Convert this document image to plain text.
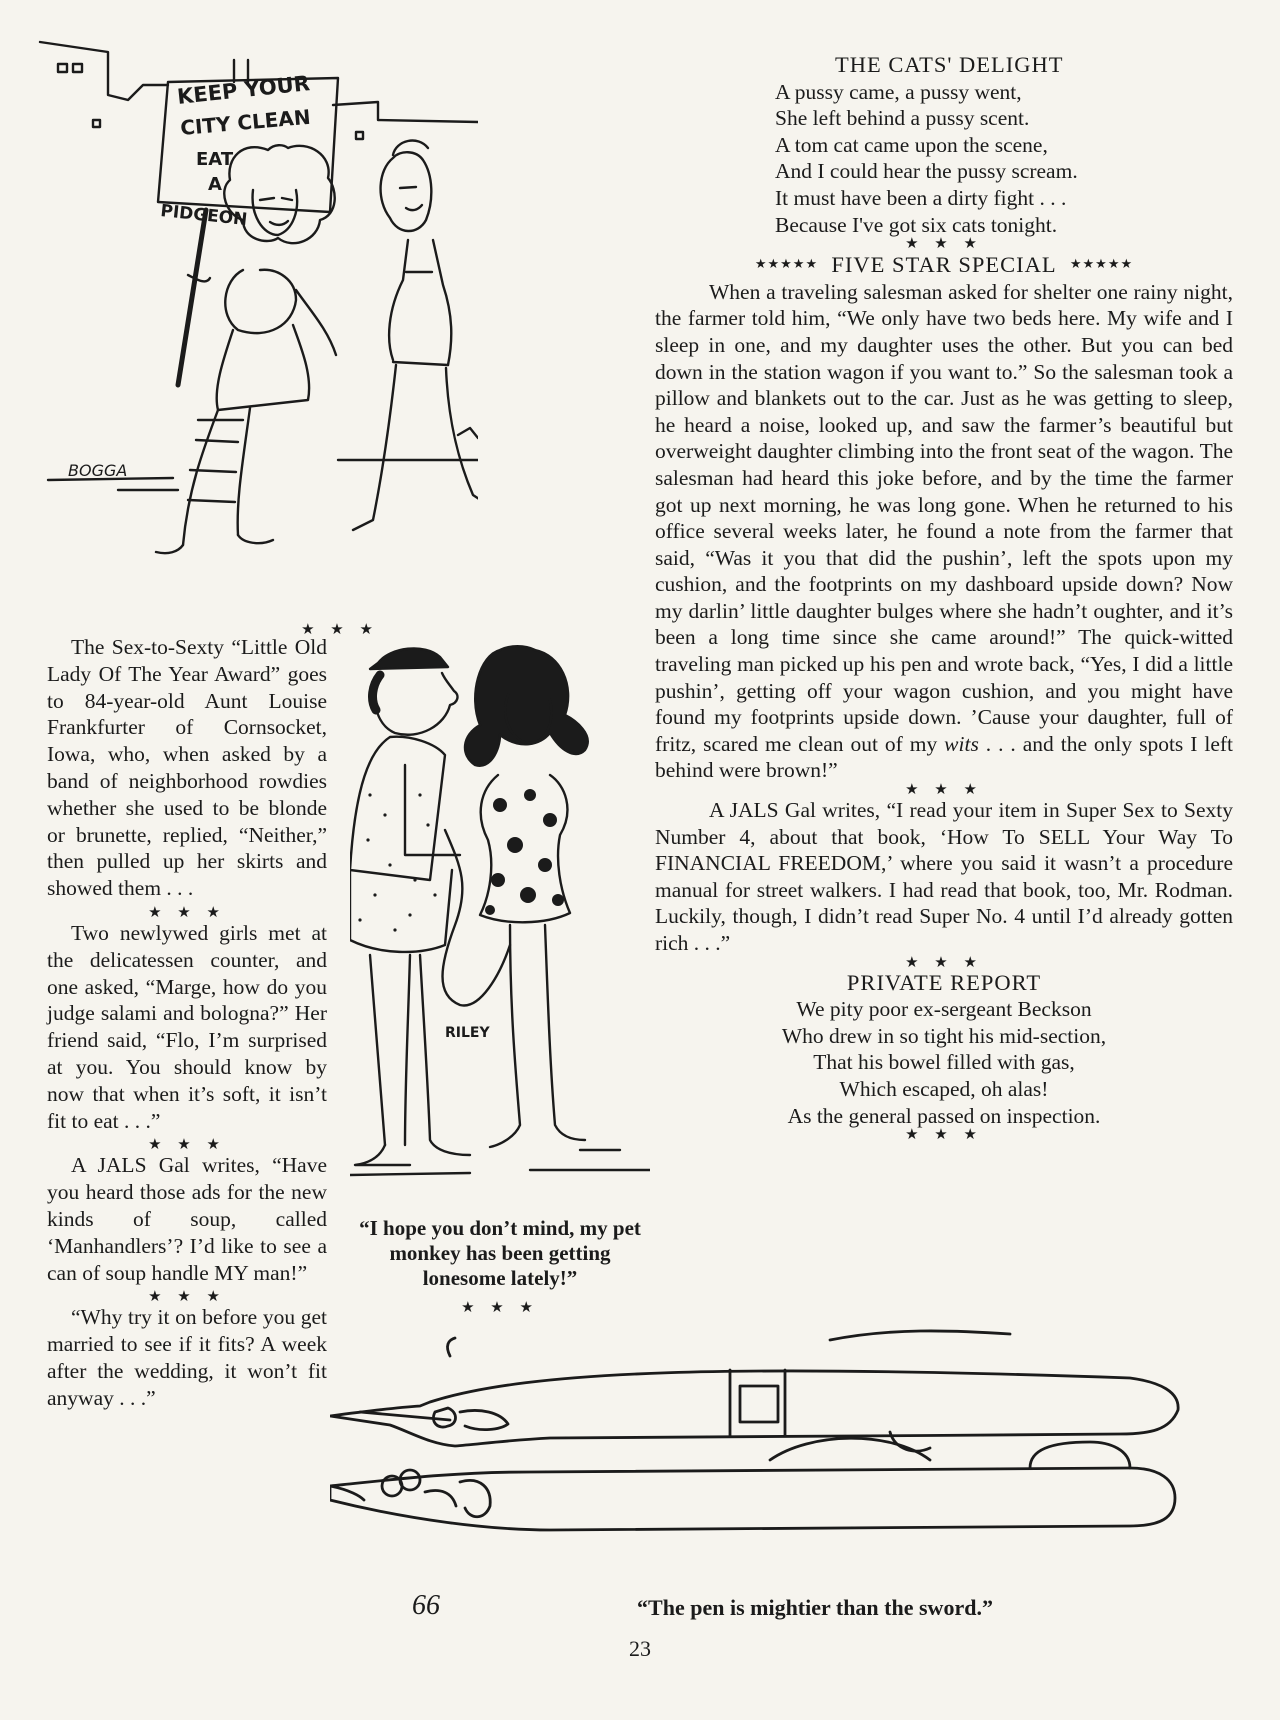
KEEP YOUR
CITY CLEAN
EAT
A
PIDGEON
BOGGA
THE CATS' DELIGHT
A pussy came, a pussy went,
She left behind a pussy scent.
A tom cat came upon the scene,
And I could hear the pussy scream.
It must have been a dirty fight . . .
Because I've got six cats tonight.
★ ★ ★
★★★★★ FIVE STAR SPECIAL ★★★★★

When a traveling salesman asked for shelter one rainy night, the farmer told him, “We only have two beds here. My wife and I sleep in one, and my daughter uses the other. But you can bed down in the station wagon if you want to.” So the salesman took a pillow and blankets out to the car. Just as he was getting to sleep, he heard a noise, looked up, and saw the farmer’s beautiful but overweight daughter climbing into the front seat of the wagon. The salesman had heard this joke before, and by the time the farmer got up next morning, he was long gone. When he returned to his office several weeks later, he found a note from the farmer that said, “Was it you that did the pushin’, left the spots upon my cushion, and the footprints on my dashboard upside down? Now my darlin’ little daughter bulges where she hadn’t oughter, and it’s been a long time since she came around!” The quick-witted traveling man picked up his pen and wrote back, “Yes, I did a little pushin’, getting off your wagon cushion, and you might have found my footprints upside down. ’Cause your daughter, full of fritz, scared me clean out of my wits . . . and the only spots I left behind were brown!”

★ ★ ★

A JALS Gal writes, “I read your item in Super Sex to Sexty Number 4, about that book, ‘How To SELL Your Way To FINANCIAL FREEDOM,’ where you said it wasn’t a procedure manual for street walkers. I had read that book, too, Mr. Rodman. Luckily, though, I didn’t read Super No. 4 until I’d already gotten rich . . .”

★ ★ ★
PRIVATE REPORT
We pity poor ex-sergeant Beckson
Who drew in so tight his mid-section,
That his bowel filled with gas,
Which escaped, oh alas!
As the general passed on inspection.
★ ★ ★
★ ★ ★

The Sex-to-Sexty “Little Old Lady Of The Year Award” goes to 84-year-old Aunt Louise Frankfurter of Cornsocket, Iowa, who, when asked by a band of neighborhood rowdies whether she used to be blonde or brunette, replied, “Neither,” then pulled up her skirts and showed them . . .

★ ★ ★

Two newlywed girls met at the delicatessen counter, and one asked, “Marge, how do you judge salami and bologna?” Her friend said, “Flo, I’m surprised at you. You should know by now that when it’s soft, it isn’t fit to eat . . .”

★ ★ ★

A JALS Gal writes, “Have you heard those ads for the new kinds of soup, called ‘Manhandlers’? I’d like to see a can of soup handle MY man!”

★ ★ ★

“Why try it on before you get married to see if it fits? A week after the wedding, it won’t fit anyway . . .”

RILEY
“I hope you don’t mind, my pet monkey has been getting lonesome lately!”
★ ★ ★
66	“The pen is mightier than the sword.”
23
